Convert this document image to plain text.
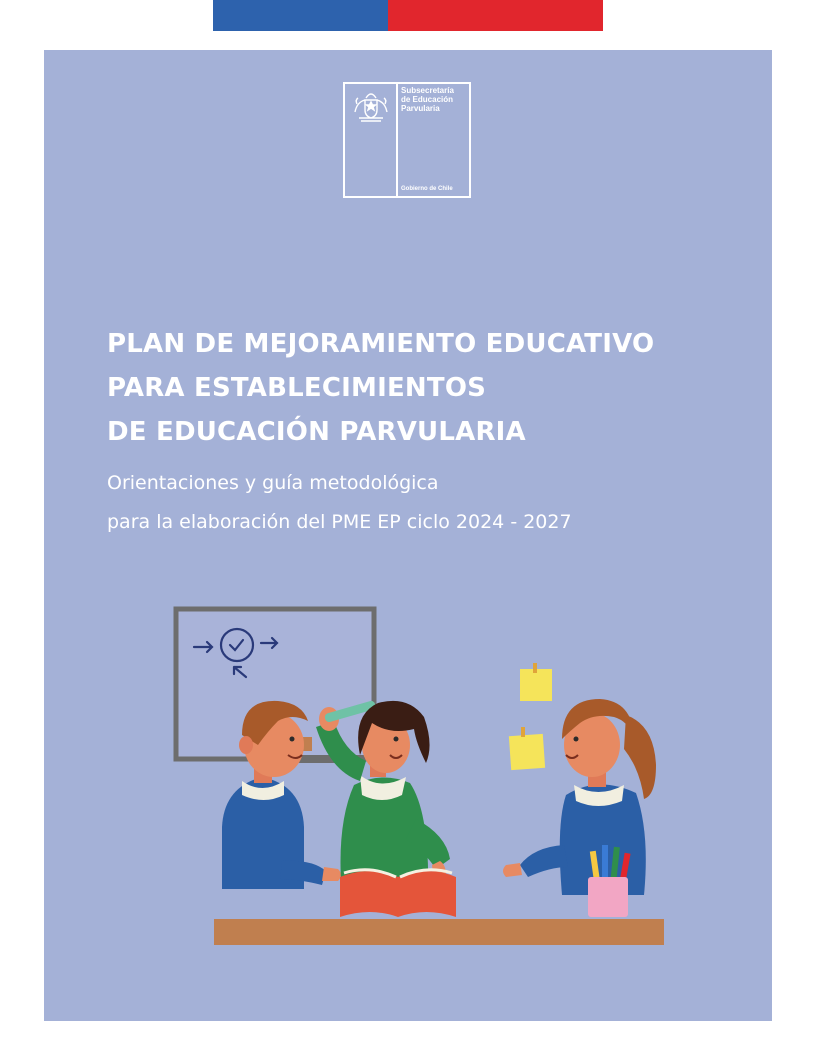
Subsecretaría
de Educación
Parvularia
Gobierno de Chile
PLAN DE MEJORAMIENTO EDUCATIVO
PARA ESTABLECIMIENTOS
DE EDUCACIÓN PARVULARIA
Orientaciones y guía metodológica
para la elaboración del PME EP ciclo 2024 - 2027
